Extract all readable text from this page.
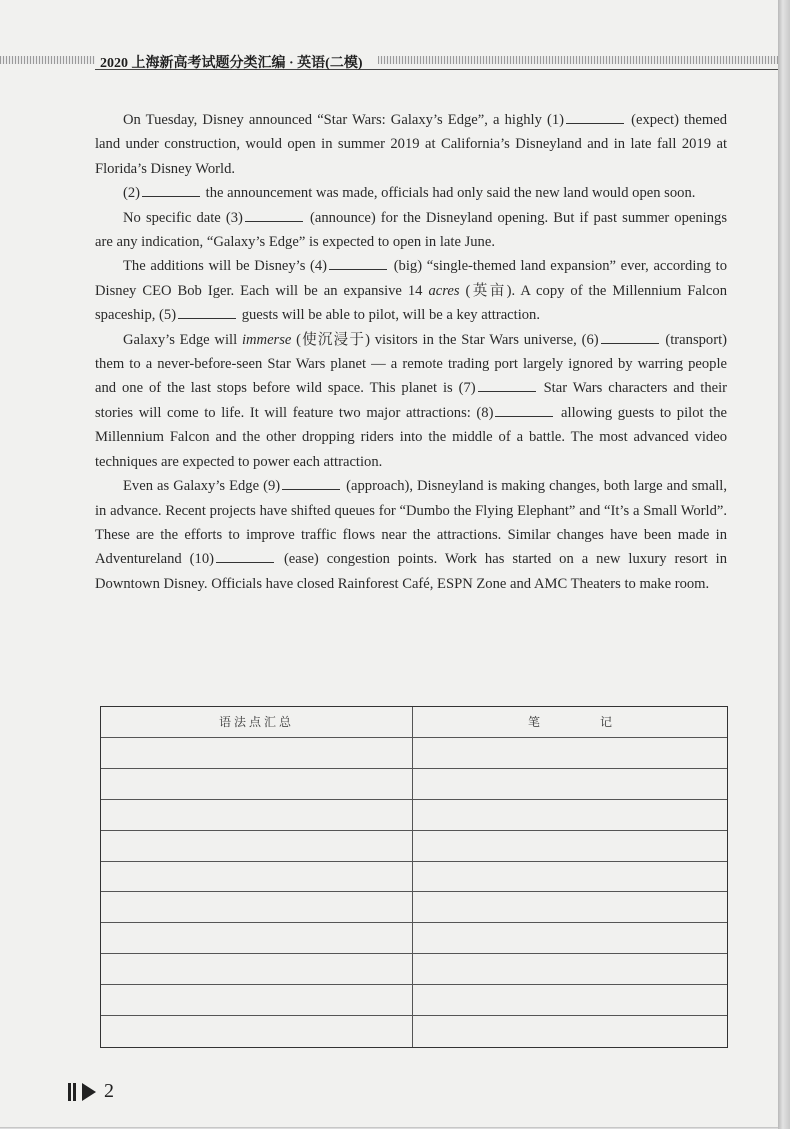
2020 上海新高考试题分类汇编 · 英语(二模)

On Tuesday, Disney announced “Star Wars: Galaxy’s Edge”, a highly (1)	(expect) themed land under construction, would open in summer 2019 at California’s Disneyland and in late fall 2019 at Florida’s Disney World.

(2)	the announcement was made, officials had only said the new land would open soon.

No specific date (3)	(announce) for the Disneyland opening. But if past summer openings are any indication, “Galaxy’s Edge” is expected to open in late June.

The additions will be Disney’s (4)	(big) “single-themed land expansion” ever, according to Disney CEO Bob Iger. Each will be an expansive 14 acres (英亩). A copy of the Millennium Falcon spaceship, (5)	guests will be able to pilot, will be a key attraction.

Galaxy’s Edge will immerse (使沉浸于) visitors in the Star Wars universe, (6)	(transport) them to a never-before-seen Star Wars planet — a remote trading port largely ignored by warring people and one of the last stops before wild space. This planet is (7)	Star Wars characters and their stories will come to life. It will feature two major attractions: (8)	allowing guests to pilot the Millennium Falcon and the other dropping riders into the middle of a battle. The most advanced video techniques are expected to power each attraction.

Even as Galaxy’s Edge (9)	(approach), Disneyland is making changes, both large and small, in advance. Recent projects have shifted queues for “Dumbo the Flying Elephant” and “It’s a Small World”. These are the efforts to improve traffic flows near the attractions. Similar changes have been made in Adventureland (10)	(ease) congestion points. Work has started on a new luxury resort in Downtown Disney. Officials have closed Rainforest Café, ESPN Zone and AMC Theaters to make room.

语法点汇总	笔记
2
